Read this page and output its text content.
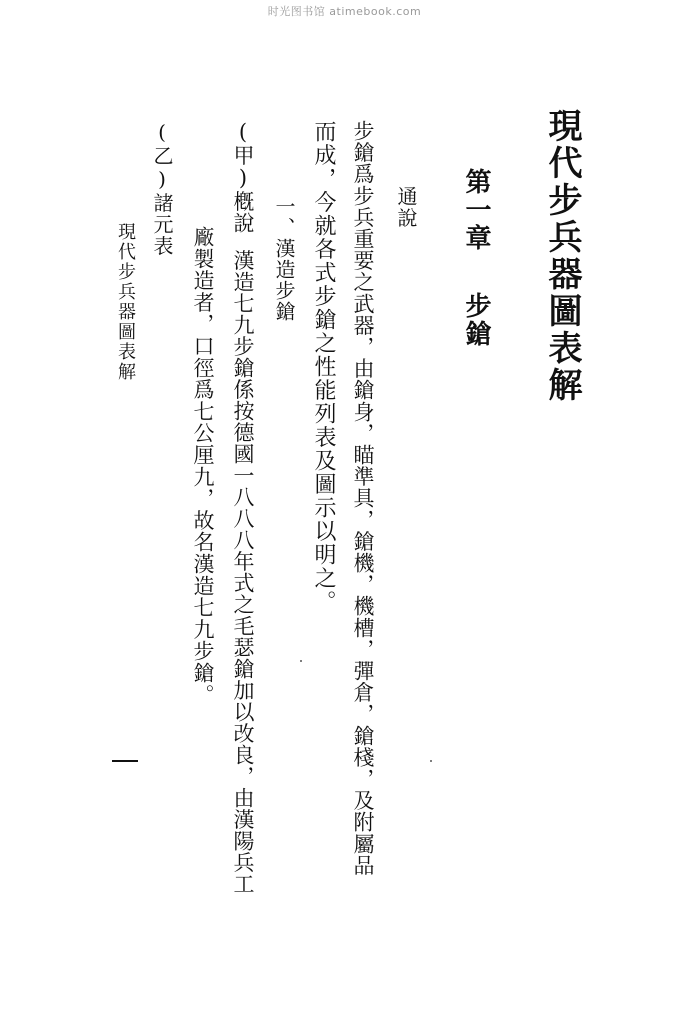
时光图书馆 atimebook.com
現代步兵器圖表解
第一章步鎗
通說
步鎗爲步兵重要之武器，由鎗身，瞄準具，鎗機，機槽，彈倉，鎗棧，及附屬品
而成，今就各式步鎗之性能列表及圖示以明之。
一、漢造步鎗
(甲)槪說漢造七九步鎗係按德國一八八八年式之毛瑟鎗加以改良，由漢陽兵工
廠製造者，口徑爲七公厘九，故名漢造七九步鎗。
(乙)諸元表
現代步兵器圖表解
